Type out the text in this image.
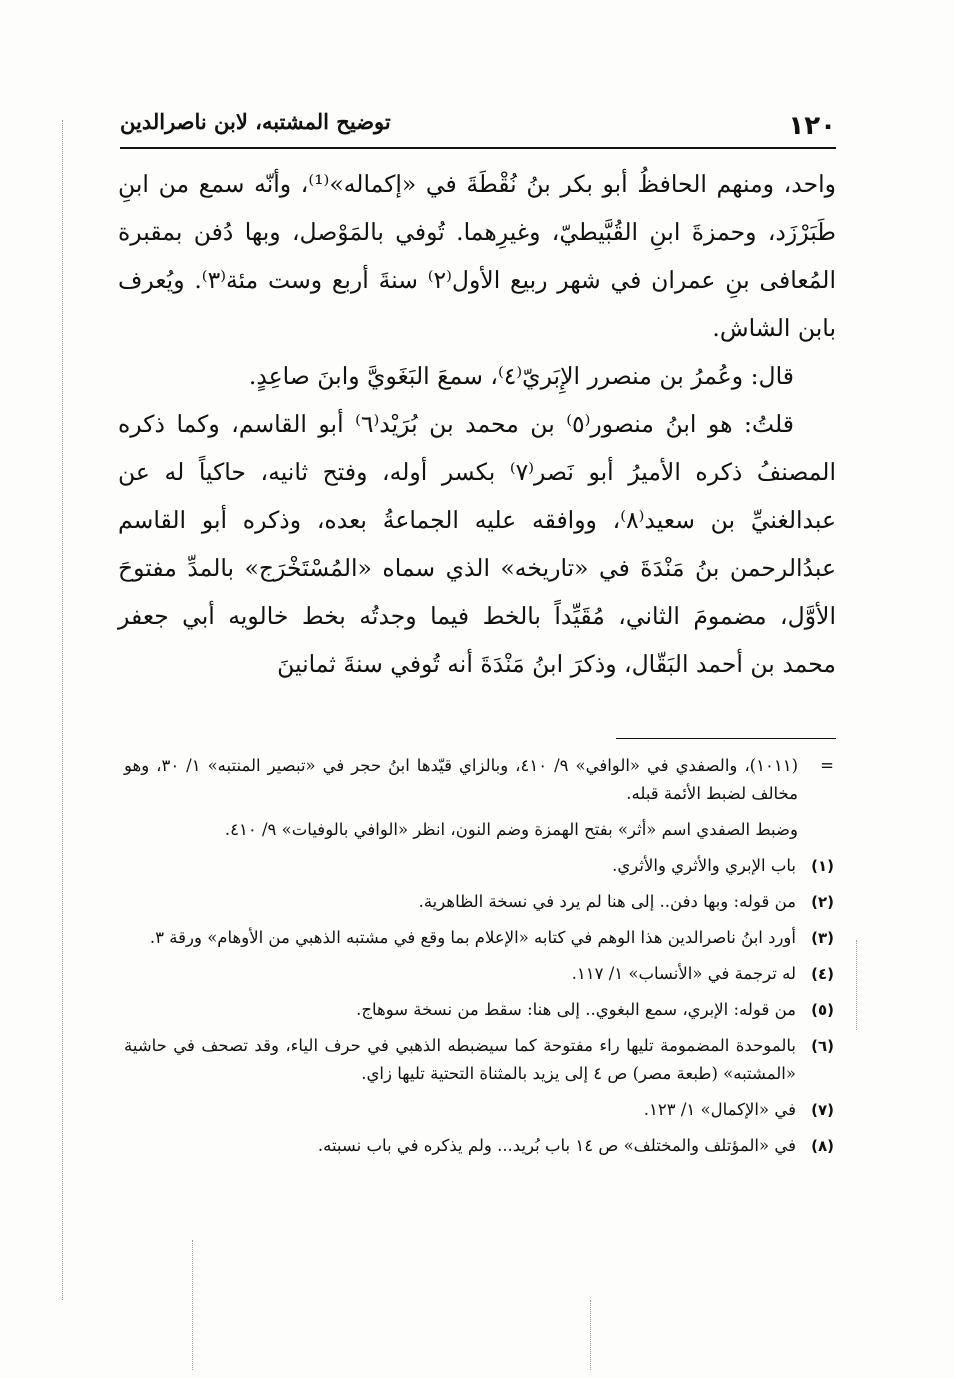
١٢٠
توضيح المشتبه، لابن ناصرالدين

واحد، ومنهم الحافظُ أبو بكر بنُ نُقْطَةَ في «إكماله»⁽¹⁾، وأنّه سمع من ابنِ طَبَرْزَد، وحمزةَ ابنِ القُبَّيطيّ، وغيرِهما. تُوفي بالمَوْصل، وبها دُفن بمقبرة المُعافى بنِ عمران في شهر ربيع الأول⁽٢⁾ سنةَ أربع وست مئة⁽٣⁾. ويُعرف بابن الشاش.

قال: وعُمرُ بن منصرر الإِبَريّ⁽٤⁾، سمعَ البَغَويَّ وابنَ صاعِدٍ.

قلتُ: هو ابنُ منصور⁽٥⁾ بن محمد بن بُرَيْد⁽٦⁾ أبو القاسم، وكما ذكره المصنفُ ذكره الأميرُ أبو نَصر⁽٧⁾ بكسر أوله، وفتح ثانيه، حاكياً له عن عبدالغنيِّ بن سعيد⁽٨⁾، ووافقه عليه الجماعةُ بعده، وذكره أبو القاسم عبدُالرحمن بنُ مَنْدَةَ في «تاريخه» الذي سماه «المُسْتَخْرَج» بالمدِّ مفتوحَ الأوَّل، مضمومَ الثاني، مُقَيِّداً بالخط فيما وجدتُه بخط خالويه أبي جعفر محمد بن أحمد البَقّال، وذكرَ ابنُ مَنْدَةَ أنه تُوفي سنةَ ثمانينَ

=
(١٠١١)، والصفدي في «الوافي» ٩/ ٤١٠، وبالزاي قيّدها ابنُ حجر في «تبصير المنتبه» ١/ ٣٠، وهو مخالف لضبط الأئمة قبله.

وضبط الصفدي اسم «أثر» بفتح الهمزة وضم النون، انظر «الوافي بالوفيات» ٩/ ٤١٠.

(١)
باب الإبري والأثري والأثري.
(٢)
من قوله: وبها دفن.. إلى هنا لم يرد في نسخة الظاهرية.
(٣)
أورد ابنُ ناصرالدين هذا الوهم في كتابه «الإعلام بما وقع في مشتبه الذهبي من الأوهام» ورقة ٣.
(٤)
له ترجمة في «الأنساب» ١/ ١١٧.
(٥)
من قوله: الإبري، سمع البغوي.. إلى هنا: سقط من نسخة سوهاج.
(٦)
بالموحدة المضمومة تليها راء مفتوحة كما سيضبطه الذهبي في حرف الياء، وقد تصحف في حاشية «المشتبه» (طبعة مصر) ص ٤ إلى يزيد بالمثناة التحتية تليها زاي.
(٧)
في «الإكمال» ١/ ١٢٣.
(٨)
في «المؤتلف والمختلف» ص ١٤ باب بُريد... ولم يذكره في باب نسبته.
